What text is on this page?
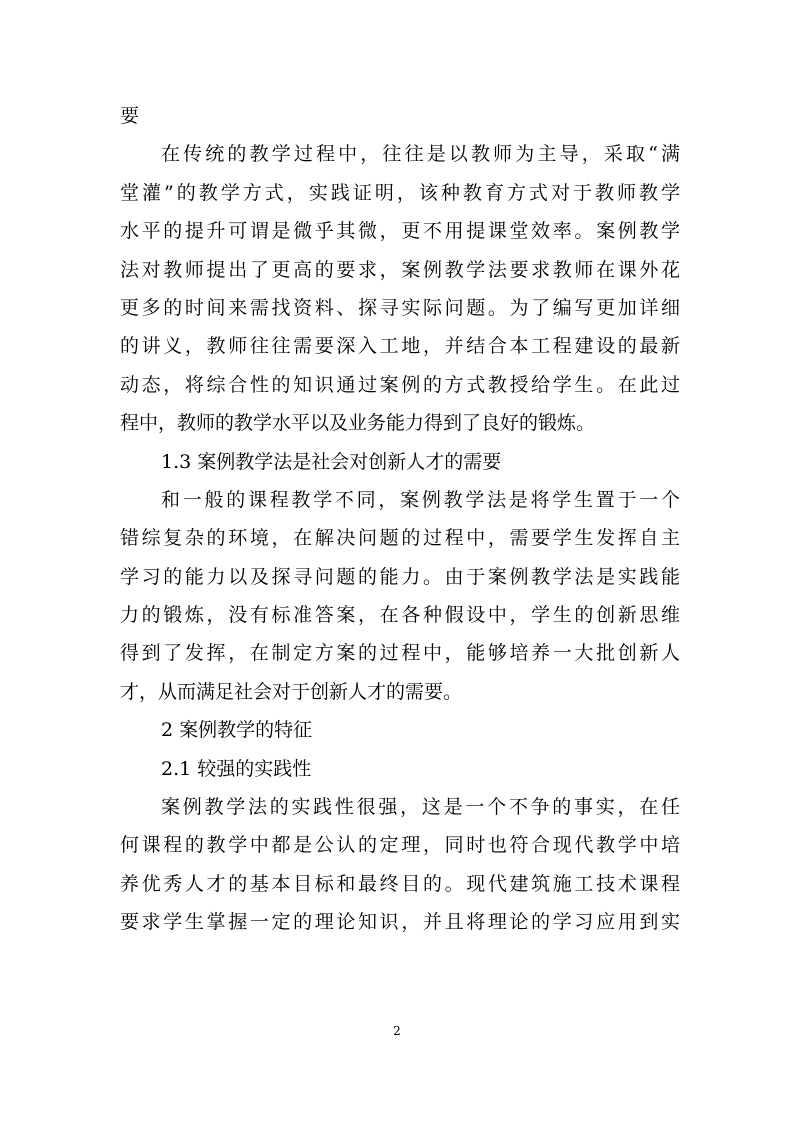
要
在传统的教学过程中，往往是以教师为主导，采取“满
堂灌”的教学方式，实践证明，该种教育方式对于教师教学
水平的提升可谓是微乎其微，更不用提课堂效率。案例教学
法对教师提出了更高的要求，案例教学法要求教师在课外花
更多的时间来需找资料、探寻实际问题。为了编写更加详细
的讲义，教师往往需要深入工地，并结合本工程建设的最新
动态，将综合性的知识通过案例的方式教授给学生。在此过
程中，教师的教学水平以及业务能力得到了良好的锻炼。
1.3 案例教学法是社会对创新人才的需要
和一般的课程教学不同，案例教学法是将学生置于一个
错综复杂的环境，在解决问题的过程中，需要学生发挥自主
学习的能力以及探寻问题的能力。由于案例教学法是实践能
力的锻炼，没有标准答案，在各种假设中，学生的创新思维
得到了发挥，在制定方案的过程中，能够培养一大批创新人
才，从而满足社会对于创新人才的需要。
2 案例教学的特征
2.1 较强的实践性
案例教学法的实践性很强，这是一个不争的事实，在任
何课程的教学中都是公认的定理，同时也符合现代教学中培
养优秀人才的基本目标和最终目的。现代建筑施工技术课程
要求学生掌握一定的理论知识，并且将理论的学习应用到实
2
